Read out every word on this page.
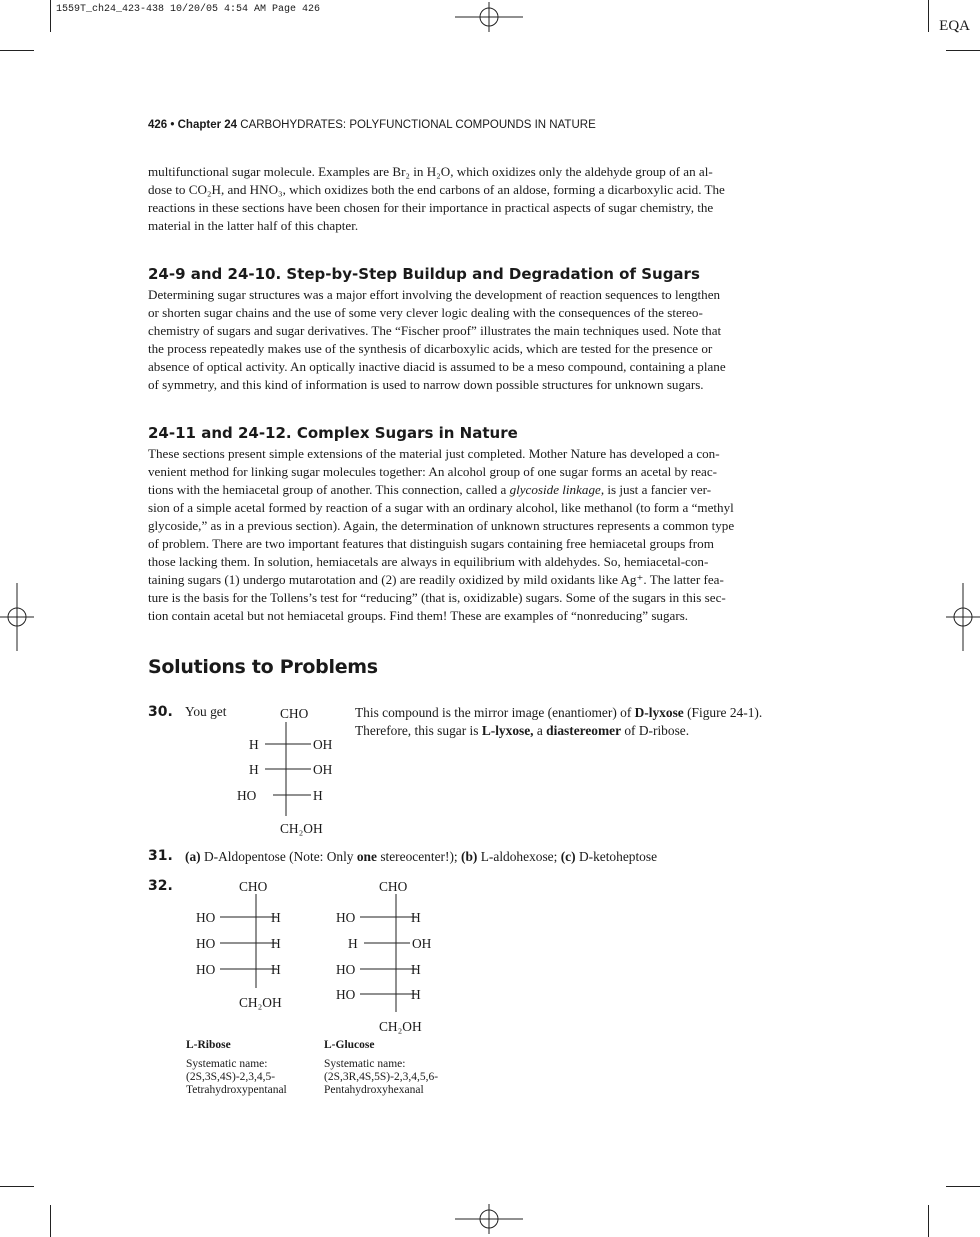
1559T_ch24_423-438 10/20/05 4:54 AM Page 426
EQA
426 • Chapter 24 CARBOHYDRATES: POLYFUNCTIONAL COMPOUNDS IN NATURE
multifunctional sugar molecule. Examples are Br₂ in H₂O, which oxidizes only the aldehyde group of an al-
dose to CO₂H, and HNO₃, which oxidizes both the end carbons of an aldose, forming a dicarboxylic acid. The
reactions in these sections have been chosen for their importance in practical aspects of sugar chemistry, the
material in the latter half of this chapter.
24-9 and 24-10. Step-by-Step Buildup and Degradation of Sugars
Determining sugar structures was a major effort involving the development of reaction sequences to lengthen
or shorten sugar chains and the use of some very clever logic dealing with the consequences of the stereo-
chemistry of sugars and sugar derivatives. The “Fischer proof” illustrates the main techniques used. Note that
the process repeatedly makes use of the synthesis of dicarboxylic acids, which are tested for the presence or
absence of optical activity. An optically inactive diacid is assumed to be a meso compound, containing a plane
of symmetry, and this kind of information is used to narrow down possible structures for unknown sugars.
24-11 and 24-12. Complex Sugars in Nature
These sections present simple extensions of the material just completed. Mother Nature has developed a con-
venient method for linking sugar molecules together: An alcohol group of one sugar forms an acetal by reac-
tions with the hemiacetal group of another. This connection, called a glycoside linkage, is just a fancier ver-
sion of a simple acetal formed by reaction of a sugar with an ordinary alcohol, like methanol (to form a “methyl
glycoside,” as in a previous section). Again, the determination of unknown structures represents a common type
of problem. There are two important features that distinguish sugars containing free hemiacetal groups from
those lacking them. In solution, hemiacetals are always in equilibrium with aldehydes. So, hemiacetal-con-
taining sugars (1) undergo mutarotation and (2) are readily oxidized by mild oxidants like Ag⁺. The latter fea-
ture is the basis for the Tollens’s test for “reducing” (that is, oxidizable) sugars. Some of the sugars in this sec-
tion contain acetal but not hemiacetal groups. Find them! These are examples of “nonreducing” sugars.
Solutions to Problems
30. You get	CHO
H	OH
H	OH
HO	H
CH₂OH
This compound is the mirror image (enantiomer) of D-lyxose (Figure 24-1).
Therefore, this sugar is L-lyxose, a diastereomer of D-ribose.
31. (a) D-Aldopentose (Note: Only one stereocenter!); (b) L-aldohexose; (c) D-ketoheptose
32.	CHO
HO	H
HO	H
HO	H
CH₂OH
CHO
HO	H
H	OH
HO	H
HO	H
CH₂OH
L-Ribose
Systematic name:
(2S,3S,4S)-2,3,4,5-
Tetrahydroxypentanal
L-Glucose
Systematic name:
(2S,3R,4S,5S)-2,3,4,5,6-
Pentahydroxyhexanal
